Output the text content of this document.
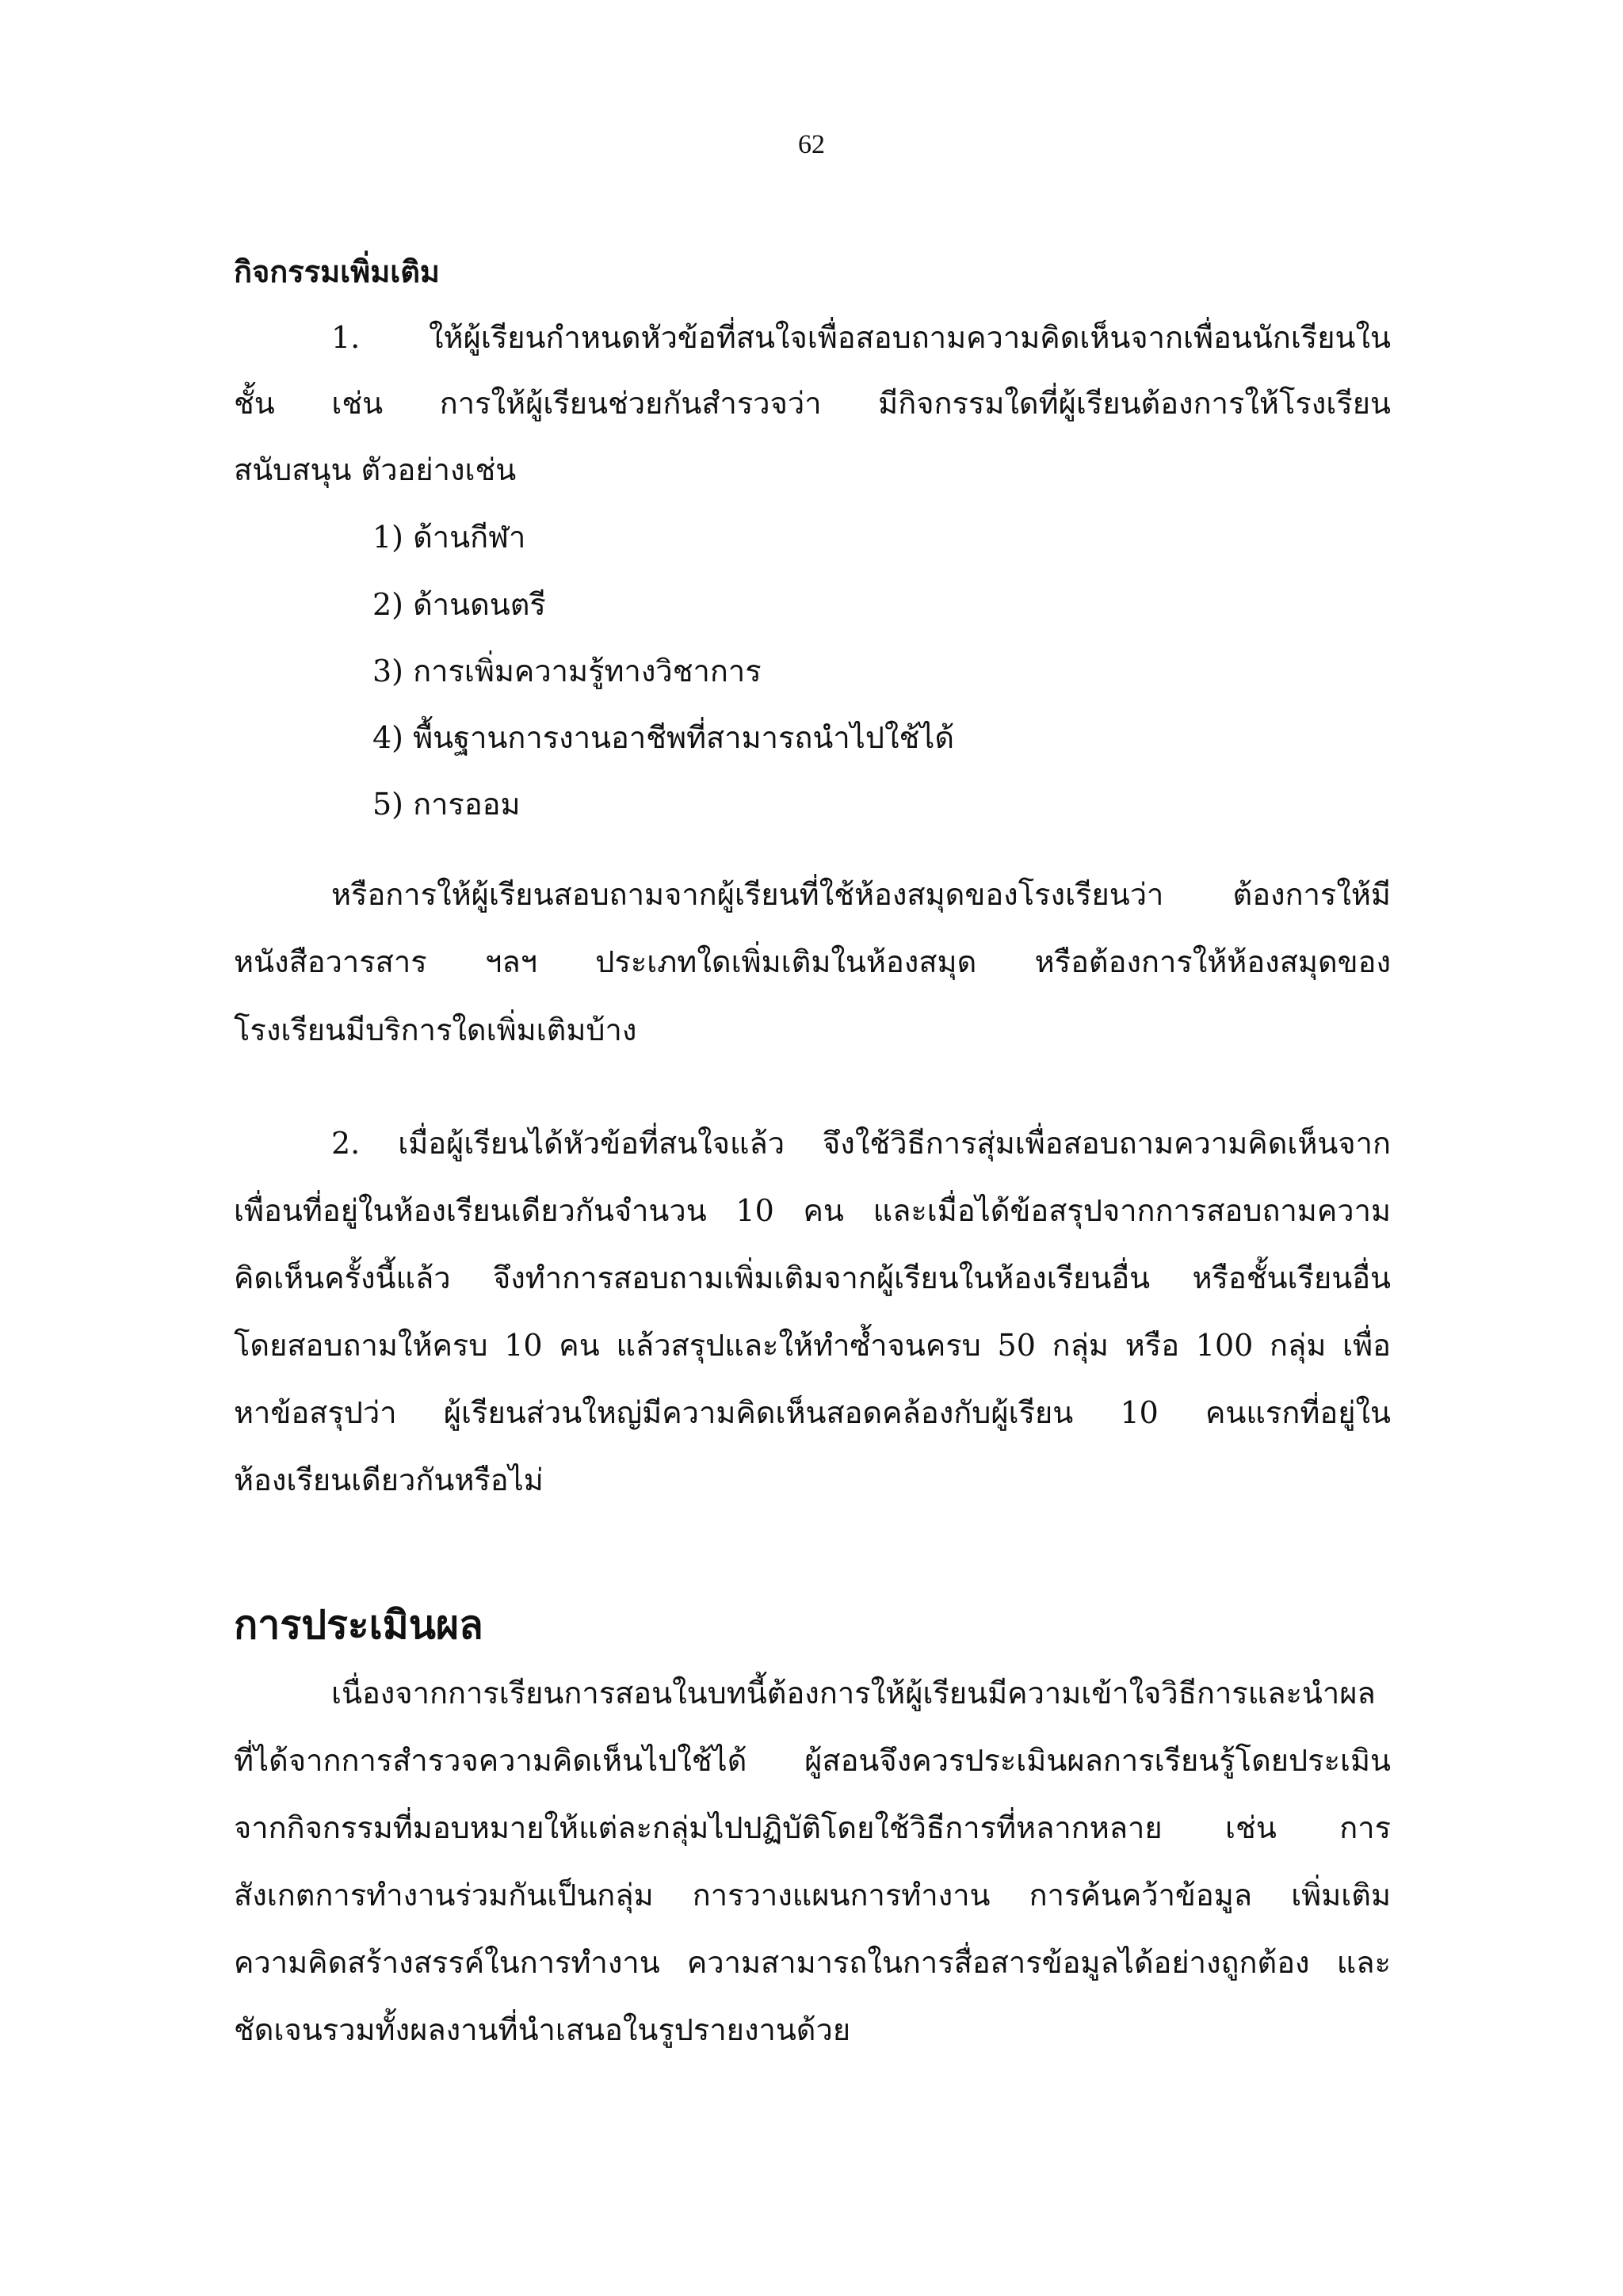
62
กิจกรรมเพิ่มเติม
1. ให้ผู้เรียนกำหนดหัวข้อที่สนใจเพื่อสอบถามความคิดเห็นจากเพื่อนนักเรียนใน
ชั้น เช่น การให้ผู้เรียนช่วยกันสำรวจว่า มีกิจกรรมใดที่ผู้เรียนต้องการให้โรงเรียน
สนับสนุน ตัวอย่างเช่น
1) ด้านกีฬา
2) ด้านดนตรี
3) การเพิ่มความรู้ทางวิชาการ
4) พื้นฐานการงานอาชีพที่สามารถนำไปใช้ได้
5) การออม
หรือการให้ผู้เรียนสอบถามจากผู้เรียนที่ใช้ห้องสมุดของโรงเรียนว่า ต้องการให้มี
หนังสือวารสาร ฯลฯ ประเภทใดเพิ่มเติมในห้องสมุด หรือต้องการให้ห้องสมุดของ
โรงเรียนมีบริการใดเพิ่มเติมบ้าง
2. เมื่อผู้เรียนได้หัวข้อที่สนใจแล้ว จึงใช้วิธีการสุ่มเพื่อสอบถามความคิดเห็นจาก
เพื่อนที่อยู่ในห้องเรียนเดียวกันจำนวน 10 คน และเมื่อได้ข้อสรุปจากการสอบถามความ
คิดเห็นครั้งนี้แล้ว จึงทำการสอบถามเพิ่มเติมจากผู้เรียนในห้องเรียนอื่น หรือชั้นเรียนอื่น
โดยสอบถามให้ครบ 10 คน แล้วสรุปและให้ทำซ้ำจนครบ 50 กลุ่ม หรือ 100 กลุ่ม เพื่อ
หาข้อสรุปว่า ผู้เรียนส่วนใหญ่มีความคิดเห็นสอดคล้องกับผู้เรียน 10 คนแรกที่อยู่ใน
ห้องเรียนเดียวกันหรือไม่
การประเมินผล
เนื่องจากการเรียนการสอนในบทนี้ต้องการให้ผู้เรียนมีความเข้าใจวิธีการและนำผล
ที่ได้จากการสำรวจความคิดเห็นไปใช้ได้ ผู้สอนจึงควรประเมินผลการเรียนรู้โดยประเมิน
จากกิจกรรมที่มอบหมายให้แต่ละกลุ่มไปปฏิบัติโดยใช้วิธีการที่หลากหลาย เช่น การ
สังเกตการทำงานร่วมกันเป็นกลุ่ม การวางแผนการทำงาน การค้นคว้าข้อมูล เพิ่มเติม
ความคิดสร้างสรรค์ในการทำงาน ความสามารถในการสื่อสารข้อมูลได้อย่างถูกต้อง และ
ชัดเจนรวมทั้งผลงานที่นำเสนอในรูปรายงานด้วย
